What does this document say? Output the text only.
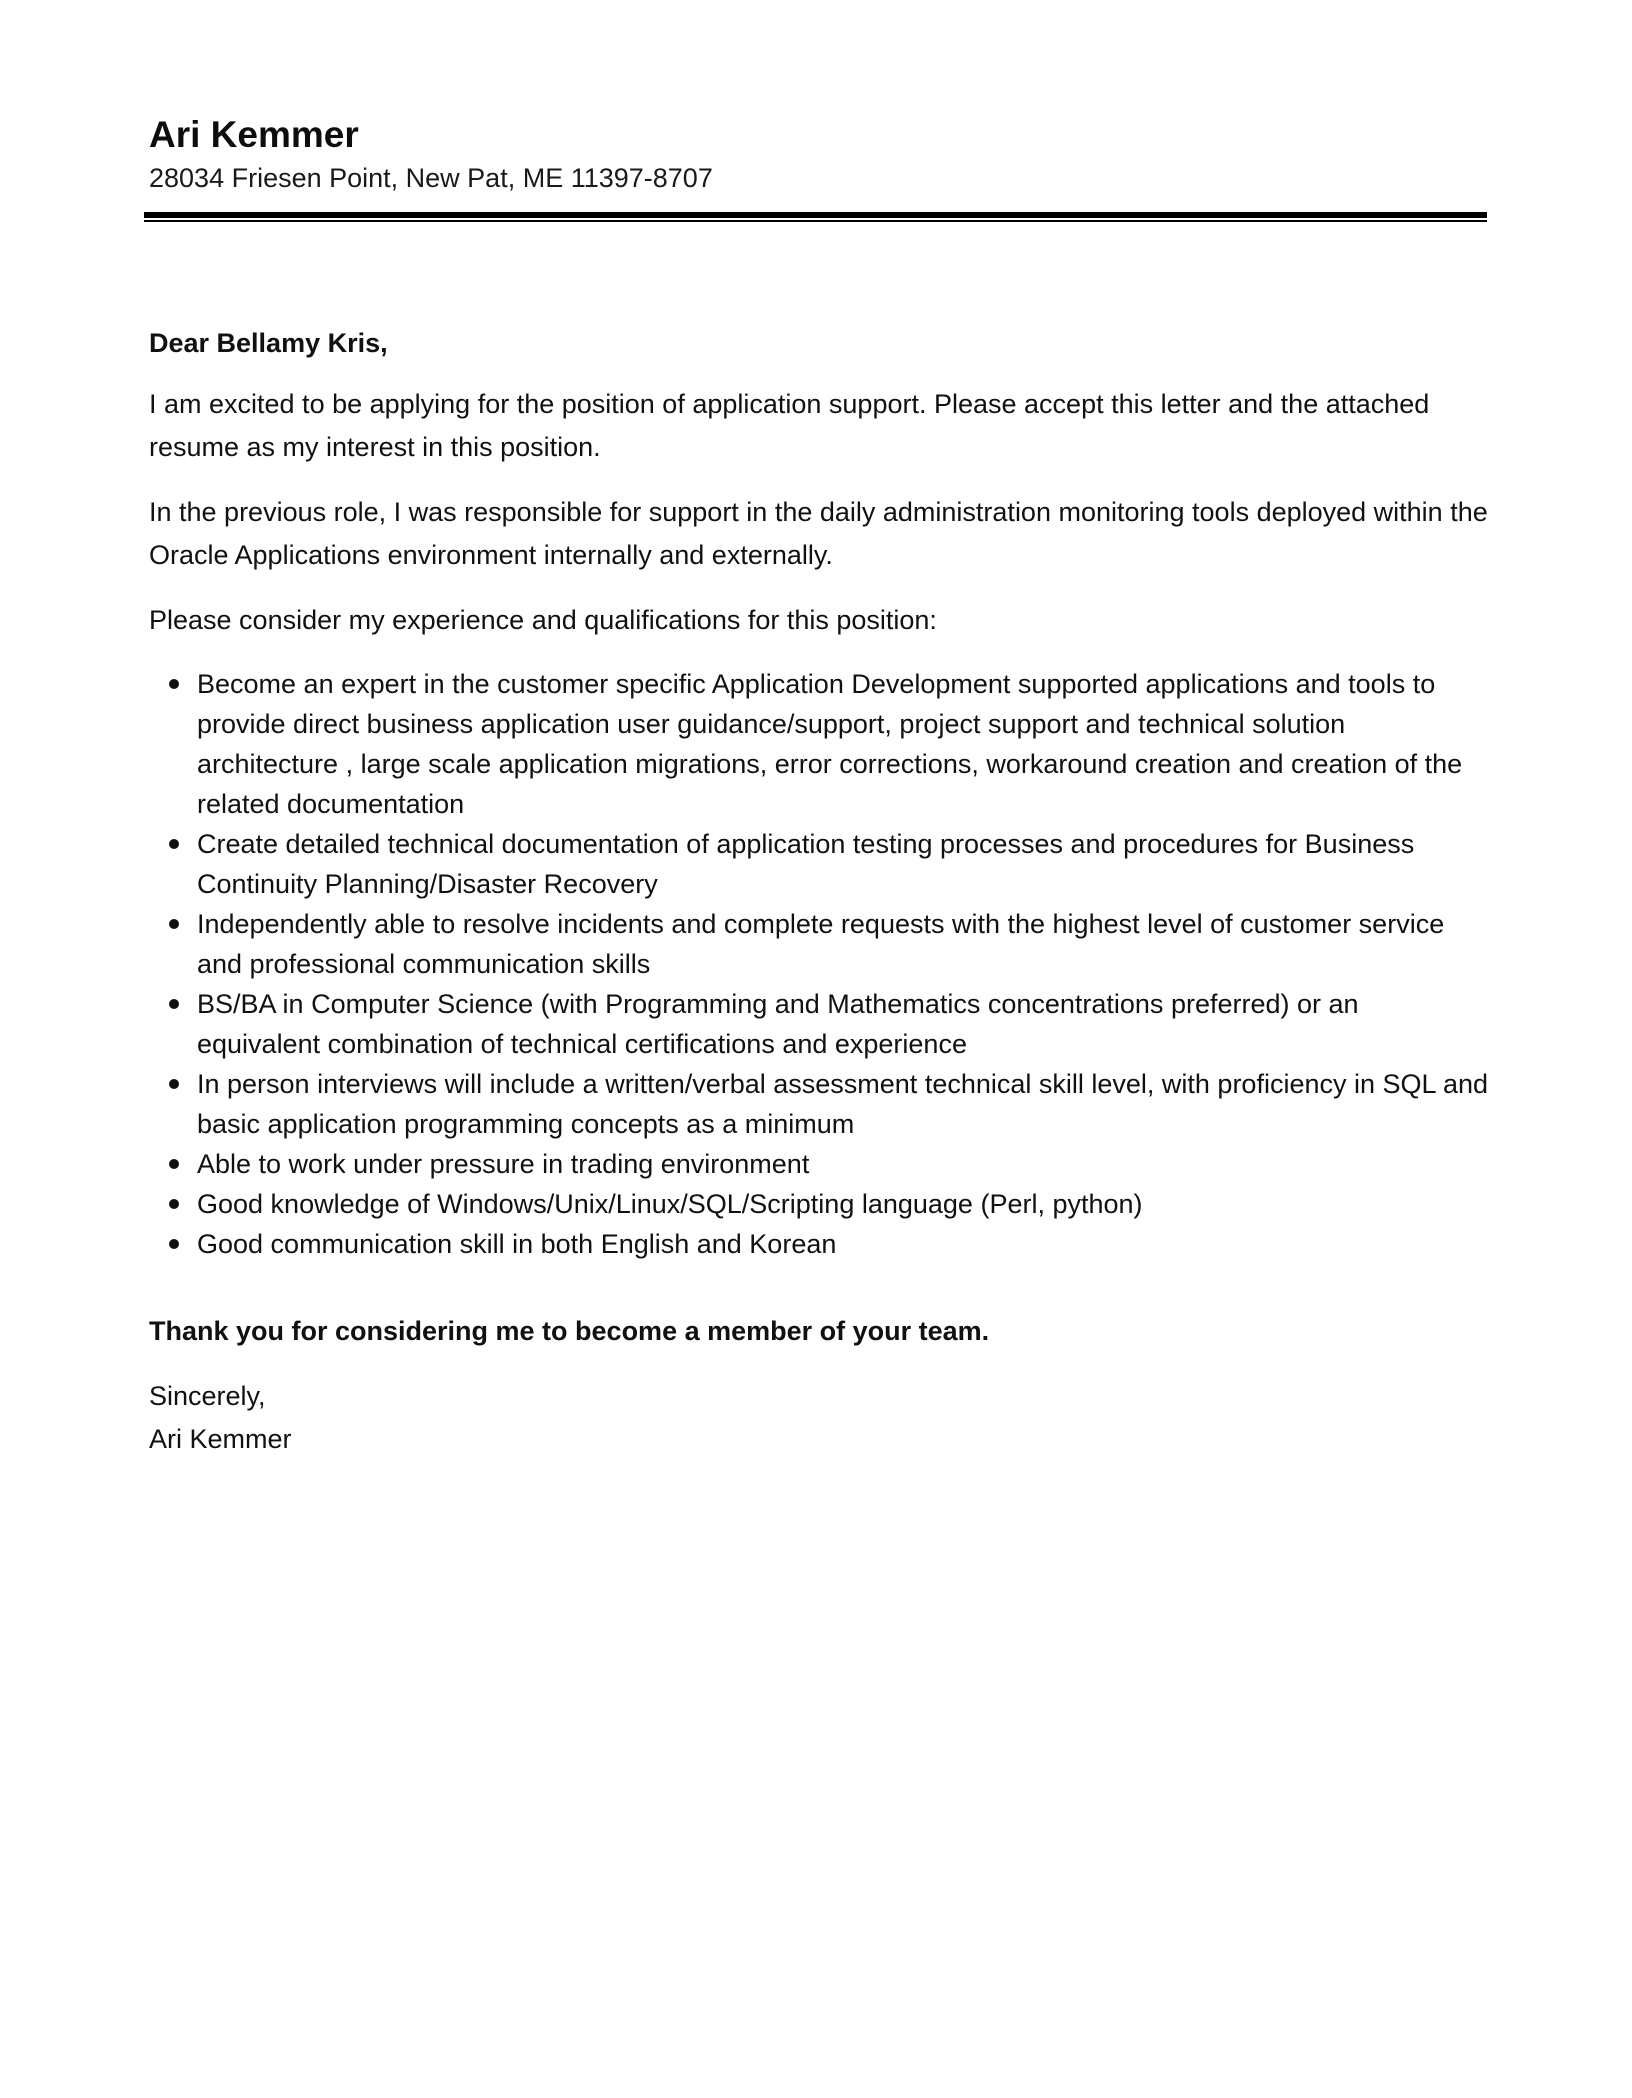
Ari Kemmer
28034 Friesen Point, New Pat, ME 11397-8707

Dear Bellamy Kris,

I am excited to be applying for the position of application support. Please accept this letter and the attached resume as my interest in this position.

In the previous role, I was responsible for support in the daily administration monitoring tools deployed within the Oracle Applications environment internally and externally.

Please consider my experience and qualifications for this position:

Become an expert in the customer specific Application Development supported applications and tools to provide direct business application user guidance/support, project support and technical solution architecture , large scale application migrations, error corrections, workaround creation and creation of the related documentation
Create detailed technical documentation of application testing processes and procedures for Business Continuity Planning/Disaster Recovery
Independently able to resolve incidents and complete requests with the highest level of customer service and professional communication skills
BS/BA in Computer Science (with Programming and Mathematics concentrations preferred) or an equivalent combination of technical certifications and experience
In person interviews will include a written/verbal assessment technical skill level, with proficiency in SQL and basic application programming concepts as a minimum
Able to work under pressure in trading environment
Good knowledge of Windows/Unix/Linux/SQL/Scripting language (Perl, python)
Good communication skill in both English and Korean

Thank you for considering me to become a member of your team.

Sincerely,

Ari Kemmer
